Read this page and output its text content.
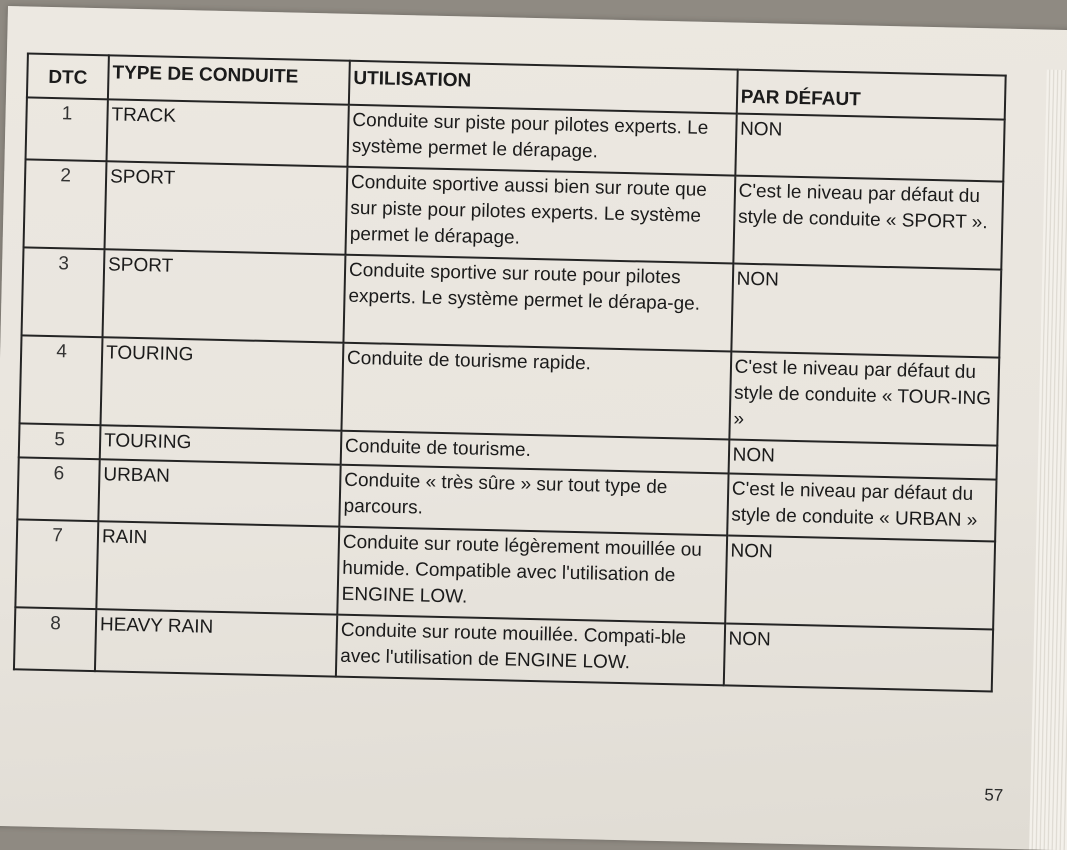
DTC	TYPE DE CONDUITE	UTILISATION	PAR DÉFAUT
1	TRACK	Conduite sur piste pour pilotes experts. Le système permet le dérapage.	NON
2	SPORT	Conduite sportive aussi bien sur route que sur piste pour pilotes experts. Le système permet le dérapage.	C'est le niveau par défaut du style de conduite « SPORT ».
3	SPORT	Conduite sportive sur route pour pilotes experts. Le système permet le dérapa-ge.	NON
4	TOURING	Conduite de tourisme rapide.	C'est le niveau par défaut du style de conduite « TOUR-ING »
5	TOURING	Conduite de tourisme.	NON
6	URBAN	Conduite « très sûre » sur tout type de parcours.	C'est le niveau par défaut du style de conduite « URBAN »
7	RAIN	Conduite sur route légèrement mouillée ou humide. Compatible avec l'utilisation de ENGINE LOW.	NON
8	HEAVY RAIN	Conduite sur route mouillée. Compati-ble avec l'utilisation de ENGINE LOW.	NON
57
